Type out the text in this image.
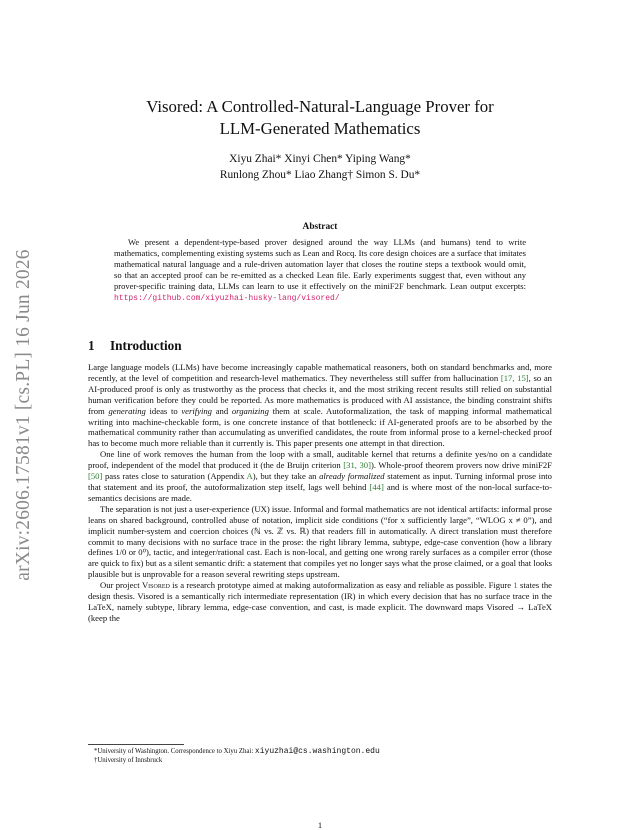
arXiv:2606.17581v1 [cs.PL] 16 Jun 2026
Visored: A Controlled-Natural-Language Prover for
LLM-Generated Mathematics
Xiyu Zhai* Xinyi Chen* Yiping Wang*
Runlong Zhou* Liao Zhang† Simon S. Du*
Abstract

We present a dependent-type-based prover designed around the way LLMs (and humans) tend to write mathematics, complementing existing systems such as Lean and Rocq. Its core design choices are a surface that imitates mathematical natural language and a rule-driven automation layer that closes the routine steps a textbook would omit, so that an accepted proof can be re-emitted as a checked Lean file. Early experiments suggest that, even without any prover-specific training data, LLMs can learn to use it effectively on the miniF2F benchmark. Lean output excerpts: https://github.com/xiyuzhai-husky-lang/visored/

1 Introduction

Large language models (LLMs) have become increasingly capable mathematical reasoners, both on standard benchmarks and, more recently, at the level of competition and research-level mathematics. They nevertheless still suffer from hallucination [17, 15], so an AI-produced proof is only as trustworthy as the process that checks it, and the most striking recent results still relied on substantial human verification before they could be reported. As more mathematics is produced with AI assistance, the binding constraint shifts from generating ideas to verifying and organizing them at scale. Autoformalization, the task of mapping informal mathematical writing into machine-checkable form, is one concrete instance of that bottleneck: if AI-generated proofs are to be absorbed by the mathematical community rather than accumulating as unverified candidates, the route from informal prose to a kernel-checked proof has to become much more reliable than it currently is. This paper presents one attempt in that direction.

One line of work removes the human from the loop with a small, auditable kernel that returns a definite yes/no on a candidate proof, independent of the model that produced it (the de Bruijn criterion [31, 30]). Whole-proof theorem provers now drive miniF2F [50] pass rates close to saturation (Appendix A), but they take an already formalized statement as input. Turning informal prose into that statement and its proof, the autoformalization step itself, lags well behind [44] and is where most of the non-local surface-to-semantics decisions are made.

The separation is not just a user-experience (UX) issue. Informal and formal mathematics are not identical artifacts: informal prose leans on shared background, controlled abuse of notation, implicit side conditions (“for x sufficiently large”, “WLOG x ≠ 0”), and implicit number-system and coercion choices (ℕ vs. ℤ vs. ℝ) that readers fill in automatically. A direct translation must therefore commit to many decisions with no surface trace in the prose: the right library lemma, subtype, edge-case convention (how a library defines 1/0 or 0⁰), tactic, and integer/rational cast. Each is non-local, and getting one wrong rarely surfaces as a compiler error (those are quick to fix) but as a silent semantic drift: a statement that compiles yet no longer says what the prose claimed, or a goal that looks plausible but is unprovable for a reason several rewriting steps upstream.

Our project Visored is a research prototype aimed at making autoformalization as easy and reliable as possible. Figure 1 states the design thesis. Visored is a semantically rich intermediate representation (IR) in which every decision that has no surface trace in the LaTeX, namely subtype, library lemma, edge-case convention, and cast, is made explicit. The downward maps Visored → LaTeX (keep the

*University of Washington. Correspondence to Xiyu Zhai: xiyuzhai@cs.washington.edu

†University of Innsbruck

1
